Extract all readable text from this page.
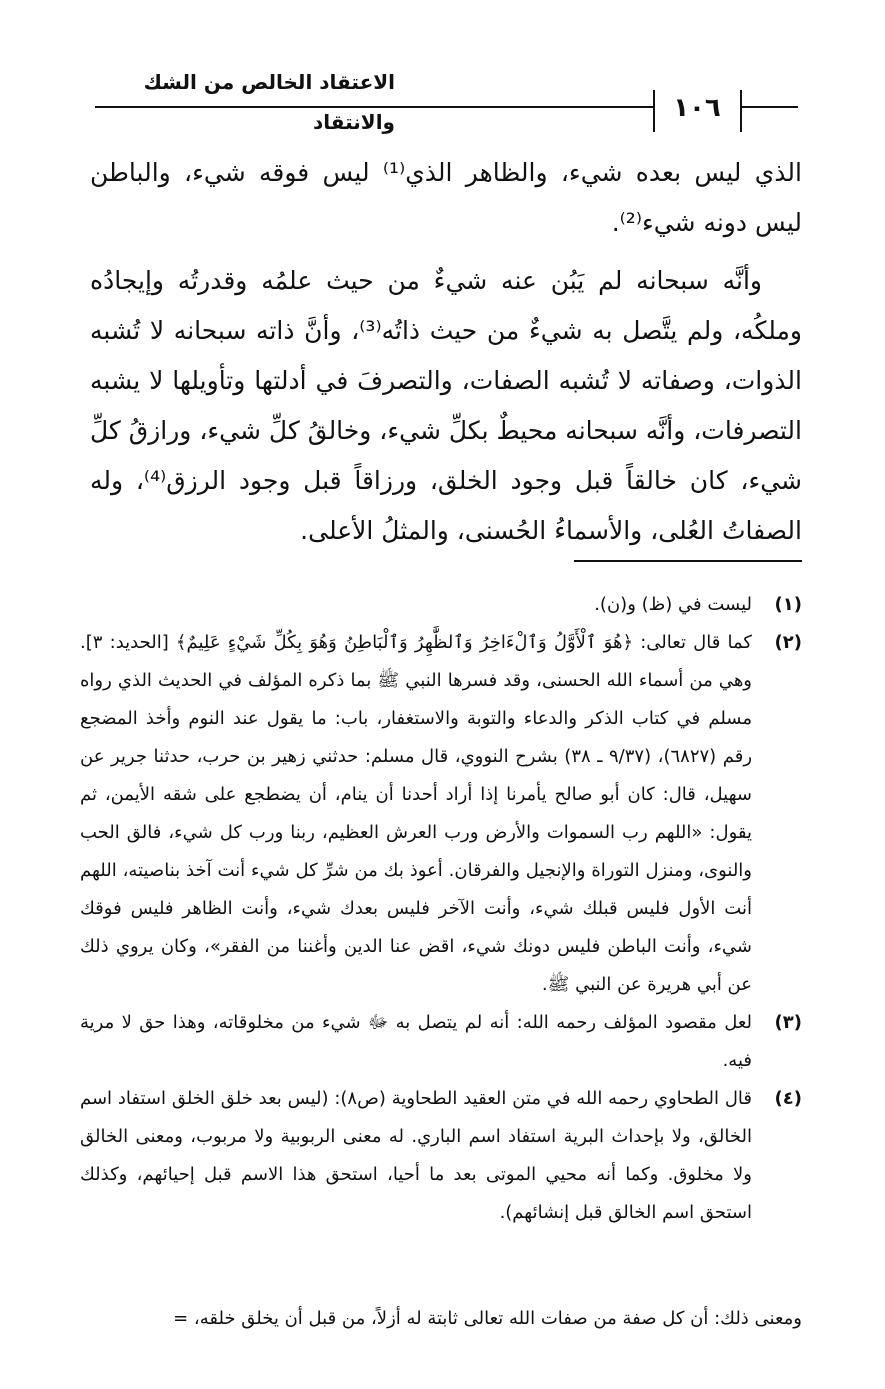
الاعتقاد الخالص من الشك والانتقاد	١٠٦

الذي ليس بعده شيء، والظاهر الذي⁽¹⁾ ليس فوقه شيء، والباطن ليس دونه شيء⁽²⁾.

وأنَّه سبحانه لم يَبُن عنه شيءٌ من حيث علمُه وقدرتُه وإيجادُه وملكُه، ولم يتَّصل به شيءٌ من حيث ذاتُه⁽³⁾، وأنَّ ذاته سبحانه لا تُشبه الذوات، وصفاته لا تُشبه الصفات، والتصرفَ في أدلتها وتأويلها لا يشبه التصرفات، وأنَّه سبحانه محيطٌ بكلِّ شيء، وخالقُ كلِّ شيء، ورازقُ كلِّ شيء، كان خالقاً قبل وجود الخلق، ورزاقاً قبل وجود الرزق⁽⁴⁾، وله الصفاتُ العُلى، والأسماءُ الحُسنى، والمثلُ الأعلى.

(١)
ليست في (ظ) و(ن).
(٢)
كما قال تعالى: ﴿هُوَ ٱلْأَوَّلُ وَٱلْءَاخِرُ وَٱلظَّٰهِرُ وَٱلْبَاطِنُ وَهُوَ بِكُلِّ شَيْءٍ عَلِيمٌ﴾ [الحديد: ٣]. وهي من أسماء الله الحسنى، وقد فسرها النبي ﷺ بما ذكره المؤلف في الحديث الذي رواه مسلم في كتاب الذكر والدعاء والتوبة والاستغفار، باب: ما يقول عند النوم وأخذ المضجع رقم (٦٨٢٧)، (٩/٣٧ ـ ٣٨) بشرح النووي، قال مسلم: حدثني زهير بن حرب، حدثنا جرير عن سهيل، قال: كان أبو صالح يأمرنا إذا أراد أحدنا أن ينام، أن يضطجع على شقه الأيمن، ثم يقول: «اللهم رب السموات والأرض ورب العرش العظيم، ربنا ورب كل شيء، فالق الحب والنوى، ومنزل التوراة والإنجيل والفرقان. أعوذ بك من شرِّ كل شيء أنت آخذ بناصيته، اللهم أنت الأول فليس قبلك شيء، وأنت الآخر فليس بعدك شيء، وأنت الظاهر فليس فوقك شيء، وأنت الباطن فليس دونك شيء، اقض عنا الدين وأغننا من الفقر»، وكان يروي ذلك عن أبي هريرة عن النبي ﷺ.
(٣)
لعل مقصود المؤلف رحمه الله: أنه لم يتصل به ﷻ شيء من مخلوقاته، وهذا حق لا مرية فيه.
(٤)
قال الطحاوي رحمه الله في متن العقيد الطحاوية (ص٨): (ليس بعد خلق الخلق استفاد اسم الخالق، ولا بإحداث البرية استفاد اسم الباري. له معنى الربوبية ولا مربوب، ومعنى الخالق ولا مخلوق. وكما أنه محيي الموتى بعد ما أحيا، استحق هذا الاسم قبل إحيائهم، وكذلك استحق اسم الخالق قبل إنشائهم).
ومعنى ذلك: أن كل صفة من صفات الله تعالى ثابتة له أزلاً، من قبل أن يخلق خلقه، =
